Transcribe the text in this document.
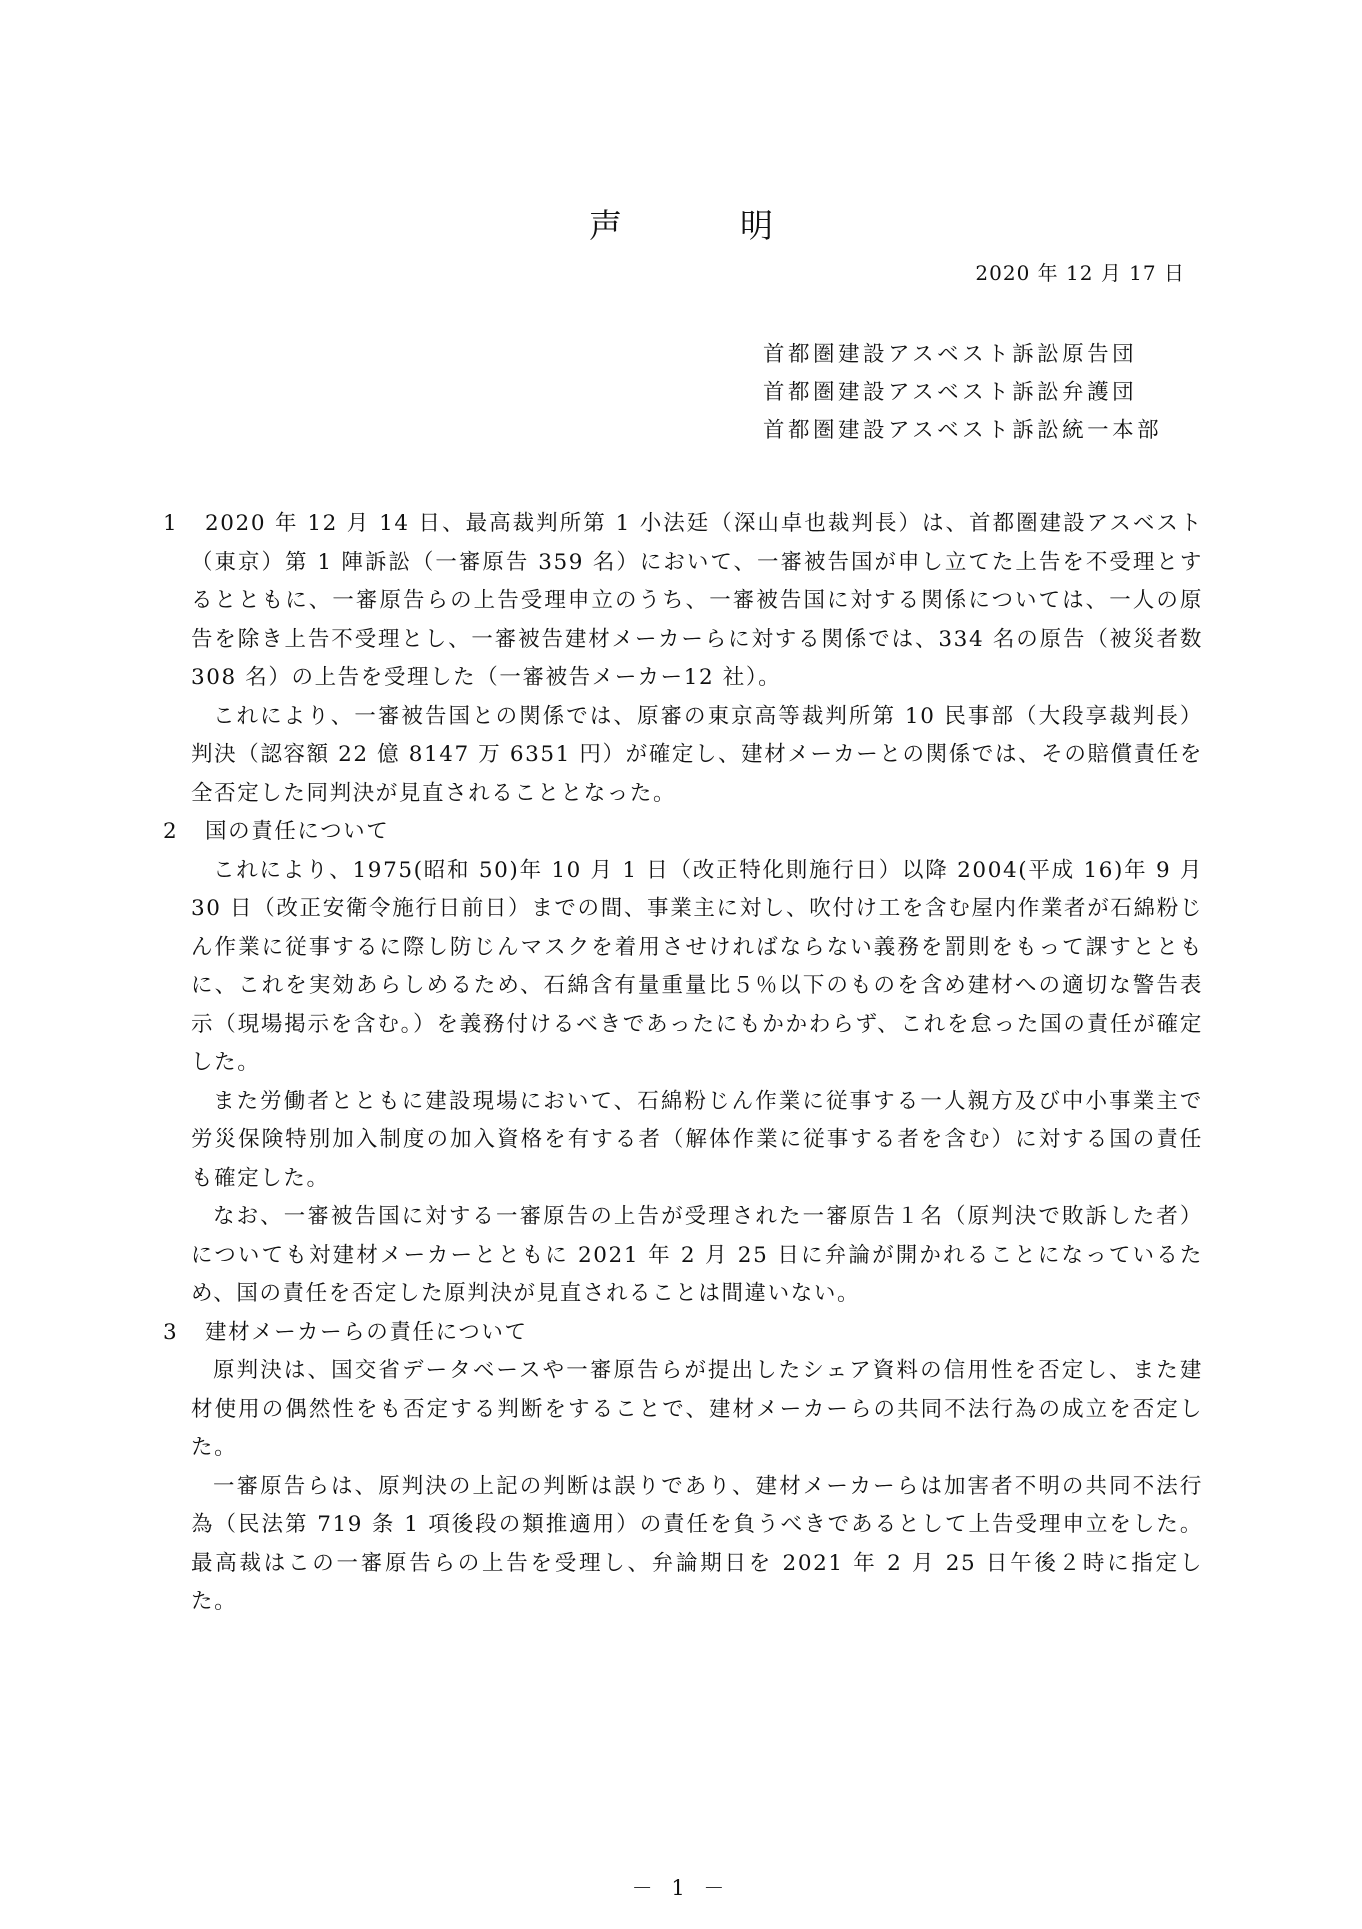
声明
2020 年 12 月 17 日
首都圏建設アスベスト訴訟原告団
首都圏建設アスベスト訴訟弁護団
首都圏建設アスベスト訴訟統一本部

1 2020 年 12 月 14 日、最高裁判所第 1 小法廷（深山卓也裁判長）は、首都圏建設アスベスト（東京）第 1 陣訴訟（一審原告 359 名）において、一審被告国が申し立てた上告を不受理とするとともに、一審原告らの上告受理申立のうち、一審被告国に対する関係については、一人の原告を除き上告不受理とし、一審被告建材メーカーらに対する関係では、334 名の原告（被災者数 308 名）の上告を受理した（一審被告メーカー12 社）。

これにより、一審被告国との関係では、原審の東京高等裁判所第 10 民事部（大段享裁判長）判決（認容額 22 億 8147 万 6351 円）が確定し、建材メーカーとの関係では、その賠償責任を全否定した同判決が見直されることとなった。

2 国の責任について

これにより、1975(昭和 50)年 10 月 1 日（改正特化則施行日）以降 2004(平成 16)年 9 月 30 日（改正安衛令施行日前日）までの間、事業主に対し、吹付け工を含む屋内作業者が石綿粉じん作業に従事するに際し防じんマスクを着用させければならない義務を罰則をもって課すとともに、これを実効あらしめるため、石綿含有量重量比５％以下のものを含め建材への適切な警告表示（現場掲示を含む。）を義務付けるべきであったにもかかわらず、これを怠った国の責任が確定した。

また労働者とともに建設現場において、石綿粉じん作業に従事する一人親方及び中小事業主で労災保険特別加入制度の加入資格を有する者（解体作業に従事する者を含む）に対する国の責任も確定した。

なお、一審被告国に対する一審原告の上告が受理された一審原告１名（原判決で敗訴した者）についても対建材メーカーとともに 2021 年 2 月 25 日に弁論が開かれることになっているため、国の責任を否定した原判決が見直されることは間違いない。

3 建材メーカーらの責任について

原判決は、国交省データベースや一審原告らが提出したシェア資料の信用性を否定し、また建材使用の偶然性をも否定する判断をすることで、建材メーカーらの共同不法行為の成立を否定した。

一審原告らは、原判決の上記の判断は誤りであり、建材メーカーらは加害者不明の共同不法行為（民法第 719 条 1 項後段の類推適用）の責任を負うべきであるとして上告受理申立をした。最高裁はこの一審原告らの上告を受理し、弁論期日を 2021 年 2 月 25 日午後２時に指定した。

－ 1 －
